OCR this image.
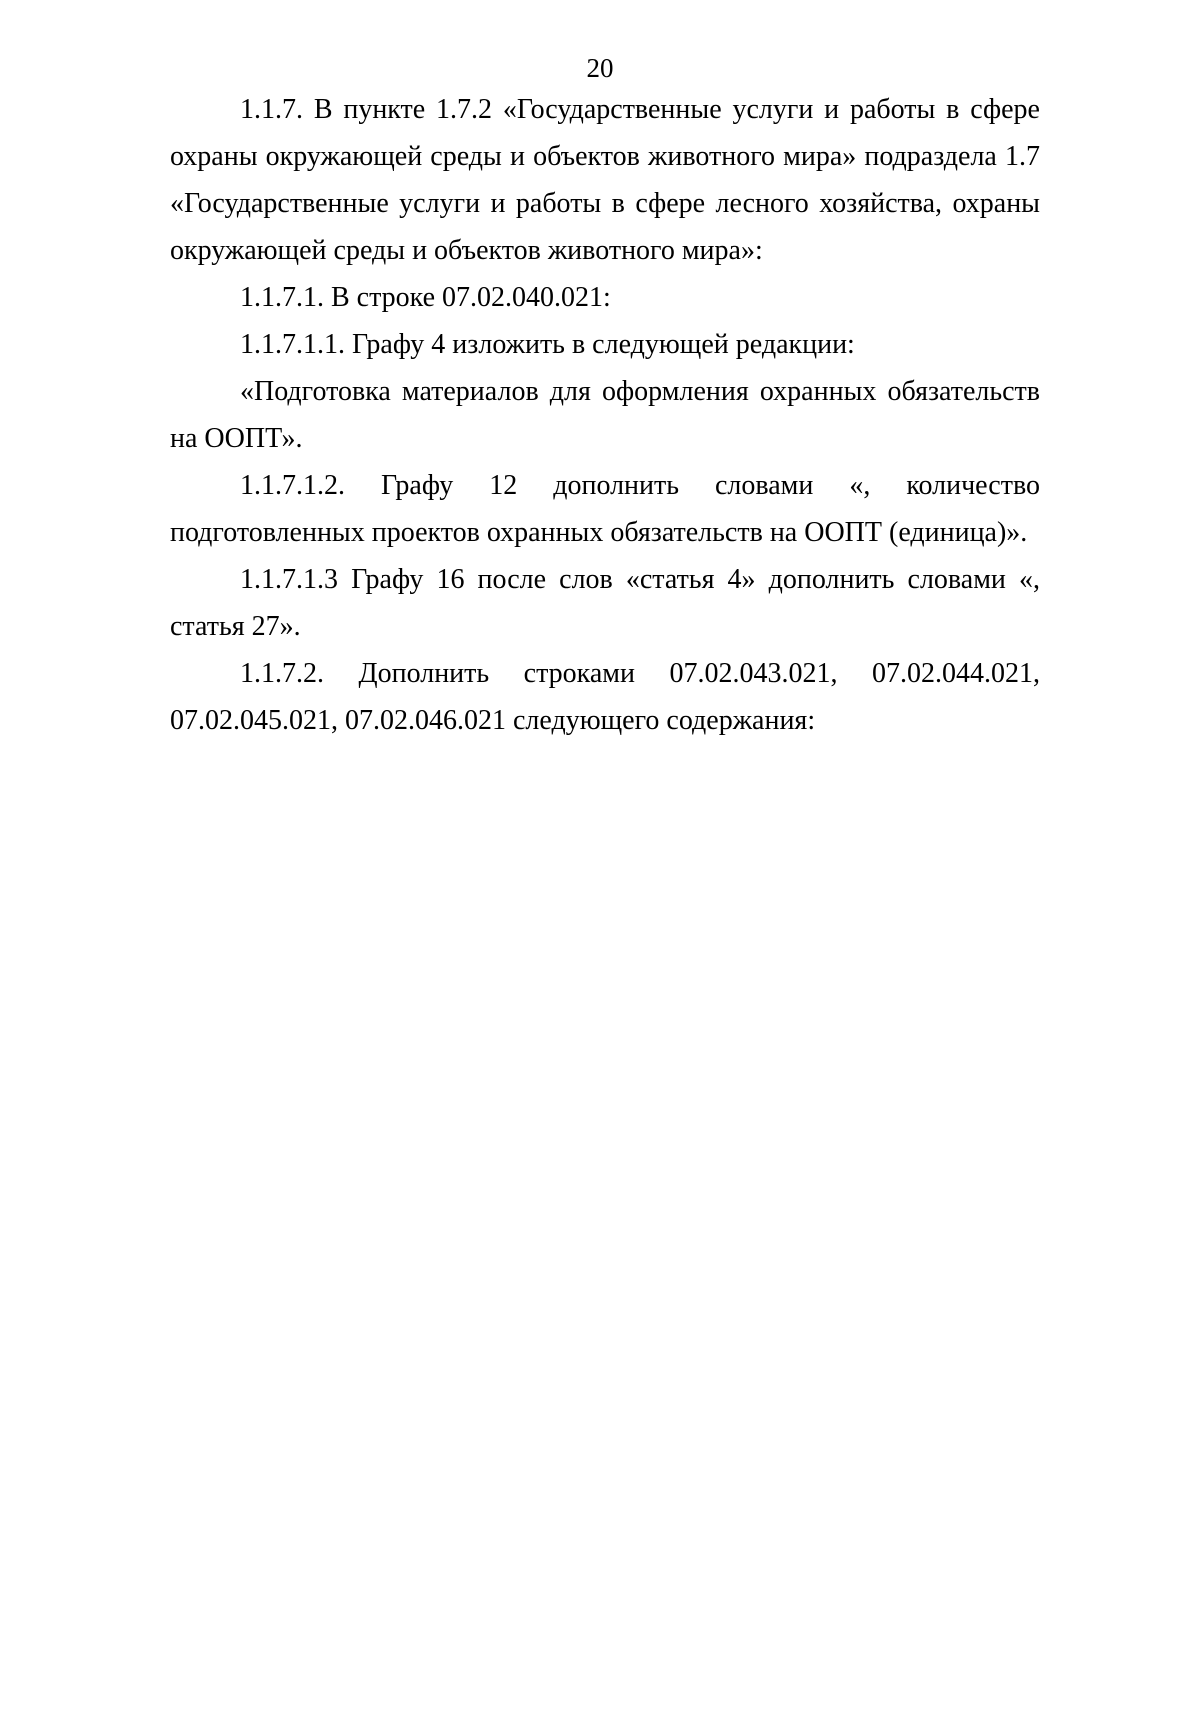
20

1.1.7. В пункте 1.7.2 «Государственные услуги и работы в сфере охраны окружающей среды и объектов животного мира» подраздела 1.7 «Государственные услуги и работы в сфере лесного хозяйства, охраны окружающей среды и объектов животного мира»:

1.1.7.1. В строке 07.02.040.021:

1.1.7.1.1. Графу 4 изложить в следующей редакции:

«Подготовка материалов для оформления охранных обязательств на ООПТ».

1.1.7.1.2. Графу 12 дополнить словами «, количество подготовленных проектов охранных обязательств на ООПТ (единица)».

1.1.7.1.3 Графу 16 после слов «статья 4» дополнить словами «, статья 27».

1.1.7.2. Дополнить строками 07.02.043.021, 07.02.044.021, 07.02.045.021, 07.02.046.021 следующего содержания:
